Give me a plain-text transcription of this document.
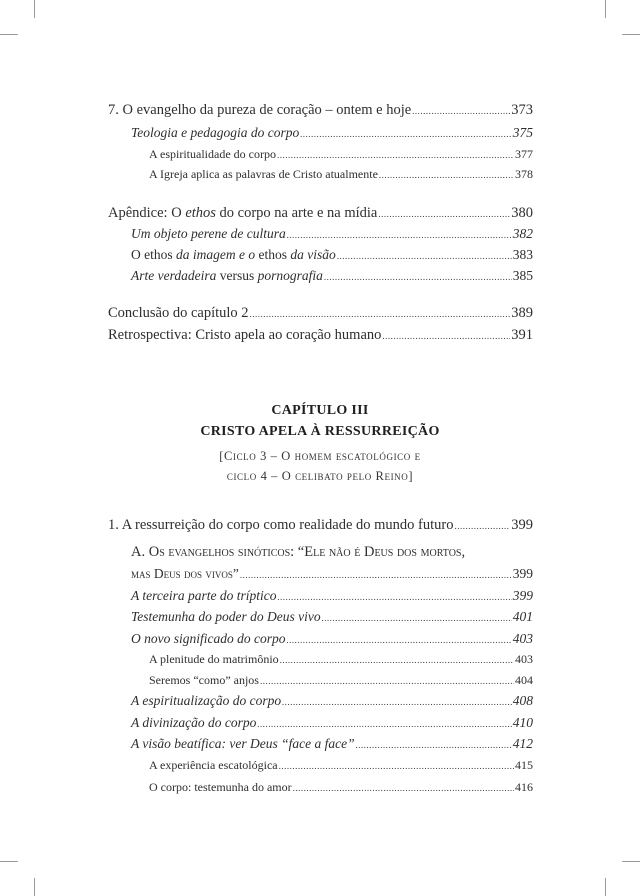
7. O evangelho da pureza de coração – ontem e hoje .....	373
Teologia e pedagogia do corpo .....	375
A espiritualidade do corpo .....	377
A Igreja aplica as palavras de Cristo atualmente .....	378
Apêndice: O ethos do corpo na arte e na mídia .....	380
Um objeto perene de cultura .....	382
O ethos da imagem e o ethos da visão .....	383
Arte verdadeira versus pornografia .....	385
Conclusão do capítulo 2 .....	389
Retrospectiva: Cristo apela ao coração humano .....	391
CAPÍTULO III
CRISTO APELA À RESSURREIÇÃO
[Ciclo 3 – O homem escatológico e
ciclo 4 – O celibato pelo Reino]
1. A ressurreição do corpo como realidade do mundo futuro .....	399
A. Os evangelhos sinóticos: “Ele não é Deus dos mortos,
mas Deus dos vivos” .....	399
A terceira parte do tríptico .....	399
Testemunha do poder do Deus vivo .....	401
O novo significado do corpo .....	403
A plenitude do matrimônio .....	403
Seremos “como” anjos .....	404
A espiritualização do corpo .....	408
A divinização do corpo .....	410
A visão beatífica: ver Deus “face a face” .....	412
A experiência escatológica .....	415
O corpo: testemunha do amor .....	416
